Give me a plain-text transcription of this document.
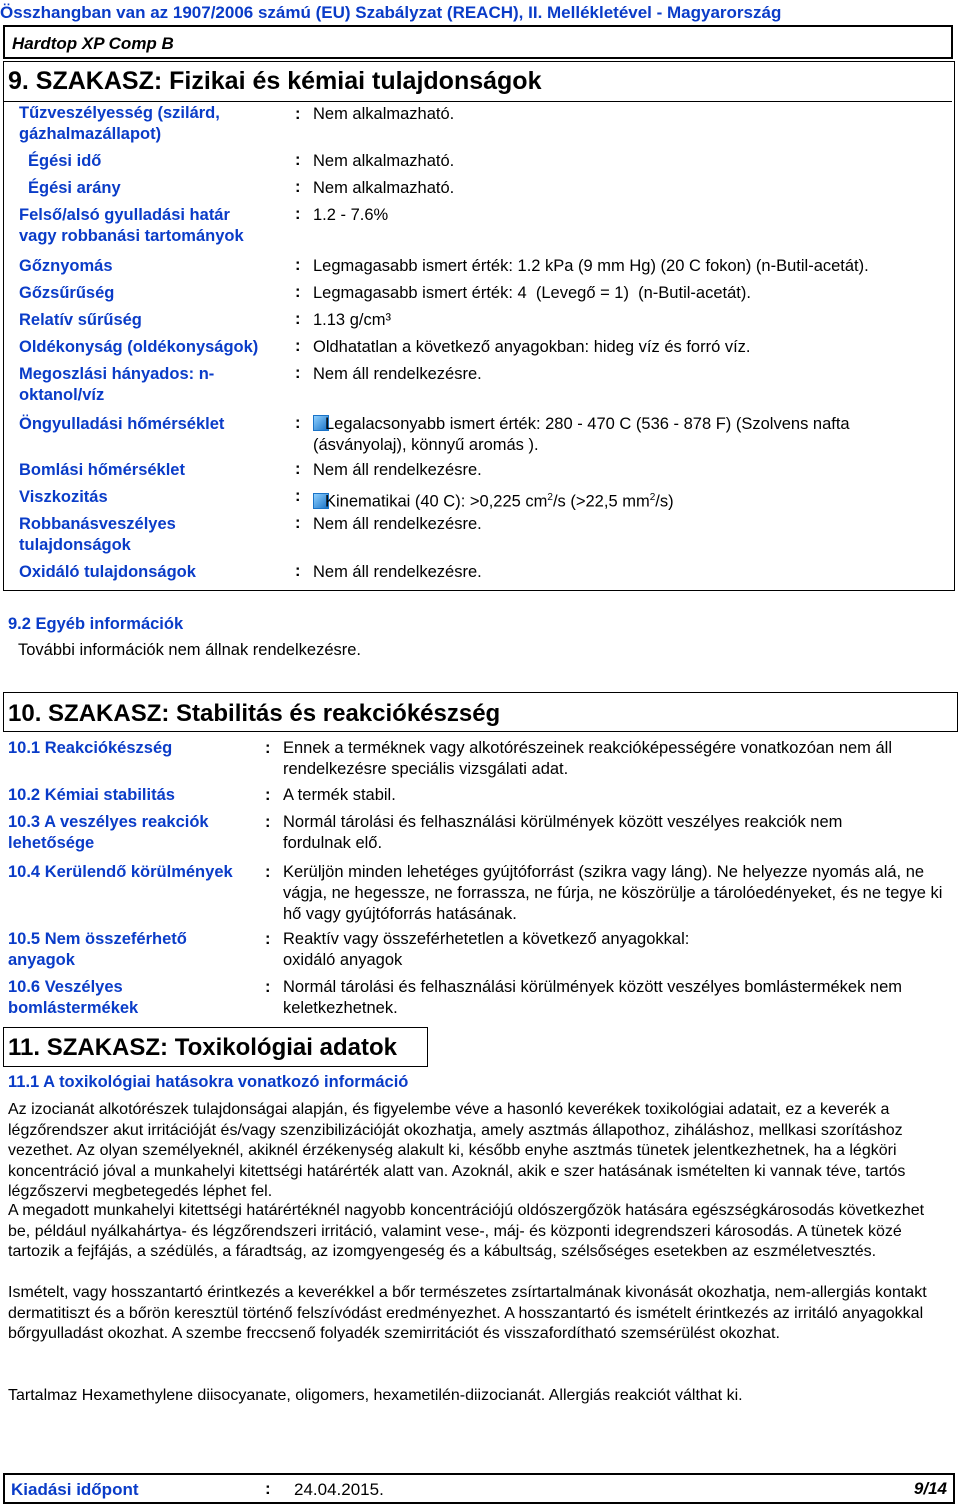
Összhangban van az 1907/2006 számú (EU) Szabályzat (REACH), II. Mellékletével - Magyarország
Hardtop XP Comp B
9. SZAKASZ: Fizikai és kémiai tulajdonságok
Tűzveszélyesség (szilárd, gázhalmazállapot)
: Nem alkalmazható.
Égési idő	: Nem alkalmazható.
Égési arány	: Nem alkalmazható.
Felső/alsó gyulladási határ vagy robbanási tartományok
: 1.2 - 7.6%
Gőznyomás	: Legmagasabb ismert érték: 1.2 kPa (9 mm Hg) (20 C fokon) (n-Butil-acetát).
Gőzsűrűség	: Legmagasabb ismert érték: 4  (Levegő = 1)  (n-Butil-acetát).
Relatív sűrűség	: 1.13 g/cm³
Oldékonyság (oldékonyságok) : Oldhatatlan a következő anyagokban: hideg víz és forró víz.
Megoszlási hányados: n-oktanol/víz
: Nem áll rendelkezésre.
Öngyulladási hőmérséklet	:	Legalacsonyabb ismert érték: 280 - 470 C (536 - 878 F) (Szolvens nafta (ásványolaj), könnyű aromás ).
Bomlási hőmérséklet	: Nem áll rendelkezésre.
Viszkozitás	:	Kinematikai (40 C): >0,225 $cm^2/s$ (>22,5 $mm^2/s$)
Robbanásveszélyes tulajdonságok
: Nem áll rendelkezésre.
Oxidáló tulajdonságok	: Nem áll rendelkezésre.
9.2 Egyéb információk
További információk nem állnak rendelkezésre.
10. SZAKASZ: Stabilitás és reakciókészség
10.1 Reakciókészség	: Ennek a terméknek vagy alkotórészeinek reakcióképességére vonatkozóan nem áll rendelkezésre speciális vizsgálati adat.
10.2 Kémiai stabilitás	: A termék stabil.
10.3 A veszélyes reakciók lehetősége
: Normál tárolási és felhasználási körülmények között veszélyes reakciók nem fordulnak elő.
10.4 Kerülendő körülmények : Kerüljön minden lehetéges gyújtóforrást (szikra vagy láng). Ne helyezze nyomás alá, ne vágja, ne hegessze, ne forrassza, ne fúrja, ne köszörülje a tárolóedényeket, és ne tegye ki hő vagy gyújtóforrás hatásának.
10.5 Nem összeférhető anyagok
: Reaktív vagy összeférhetetlen a következő anyagokkal: oxidáló anyagok
10.6 Veszélyes bomlástermékek
: Normál tárolási és felhasználási körülmények között veszélyes bomlástermékek nem keletkezhetnek.
11. SZAKASZ: Toxikológiai adatok
11.1 A toxikológiai hatásokra vonatkozó információ
Az izocianát alkotórészek tulajdonságai alapján, és figyelembe véve a hasonló keverékek toxikológiai adatait, ez a keverék a légzőrendszer akut irritációját és/vagy szenzibilizációját okozhatja, amely asztmás állapothoz, ziháláshoz, mellkasi szorításhoz vezethet. Az olyan személyeknél, akiknél érzékenység alakult ki, később enyhe asztmás tünetek jelentkezhetnek, ha a légköri koncentráció jóval a munkahelyi kitettségi határérték alatt van. Azoknál, akik e szer hatásának ismételten ki vannak téve, tartós légzőszervi megbetegedés léphet fel.
A megadott munkahelyi kitettségi határértéknél nagyobb koncentrációjú oldószergőzök hatására egészségkárosodás következhet be, például nyálkahártya- és légzőrendszeri irritáció, valamint vese-, máj- és központi idegrendszeri károsodás. A tünetek közé tartozik a fejfájás, a szédülés, a fáradtság, az izomgyengeség és a kábultság, szélsőséges esetekben az eszméletvesztés.
Ismételt, vagy hosszantartó érintkezés a keverékkel a bőr természetes zsírtartalmának kivonását okozhatja, nem-allergiás kontakt dermatitiszt és a bőrön keresztül történő felszívódást eredményezhet. A hosszantartó és ismételt érintkezés az irritáló anyagokkal bőrgyulladást okozhat. A szembe freccsenő folyadék szemirritációt és visszafordítható szemsérülést okozhat.
Tartalmaz Hexamethylene diisocyanate, oligomers, hexametilén-diizocianát. Allergiás reakciót válthat ki.
Kiadási időpont	: 24.04.2015.	9/14
